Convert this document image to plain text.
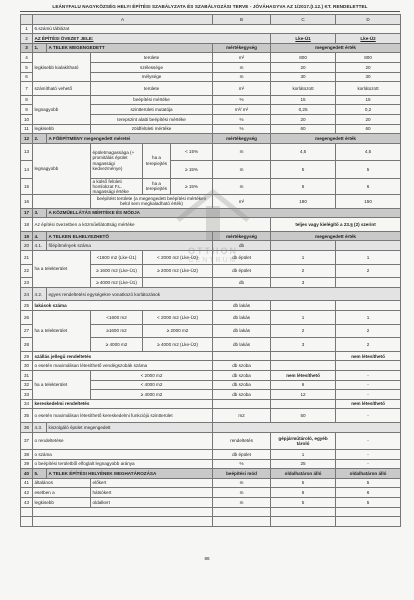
LEÁNYFALU NAGYKÖZSÉG HELYI ÉPÍTÉSI SZABÁLYZATA ÉS SZABÁLYOZÁSI TERVE - JÓVÁHAGYVA AZ 1/2017.(I.12.) KT. RENDELETTEL
	A					B	C	D
1	6.számú táblázat							
2	AZ ÉPÍTÉSI ÖVEZET JELE:						Lke-Ü1	Lke-Ü2
3	1.	A TELEK MEGENGEDETT				mértékegység	megengedett érték	
4	legkisebb kialakítható		területe			m²	800	800
5			szélessége			m	20	20
6			mélysége			m	30	30
7	számítható vehető		területe			m²	korlátozott	korlátozott
8	legnagyobb		beépítési mértéke			%	15	15
9			szintterületi mutatója			m²/ m²	0,25	0,2
10			terepszint alatti beépítési mértéke			%	20	20
11	legkisebb		zöldfelületi mértéke			%	60	60
12	2.	A FŐÉPÍTMÉNY megengedett méretei				mértékegység	megengedett érték	
13	legnagyobb		épületmagassága (+ promitálás épület magassági kedvezménye)	ha a terepiejtés	< 15%	m	4,5	4,5
14					≥ 15%	m	5	5
15			a külső felületi homlokzat F.L. magassági értéke	ha a terepiejtés	≥ 15%	m	6	6
16			beépítést területe (a megengedett beépítési mértéken belül sem megkaladható érték)			m²	180	150
17	3.	A KÖZMŰELLÁTÁS MÉRTÉKE ÉS MÓDJA						
18	Az építési övezetben a közműellátottság mértéke						teljes vagy kielégítő a 23.§ (2) szerint	
19	4.	A TELKEN ELHELYEZHETŐ				mértékegység	megengedett érték	
20	4.1.	főépítmények száma				db		
21	ha a telekterület		<1600 m2 (Lke-Ü1)	< 2000 m2 (Lke-Ü2)		db épület	1	1
22			≥ 1600 m2 (Lke-Ü1)	≥ 2000 m2 (Lke-Ü2)		db épület	2	2
23			≥ 4000 m2 (Lke-Ü1)			db	3	
24	4.2.	egyes rendeltetési egységekre vonatkozó korlátozások						
25	lakások száma					db lakás		
26	ha a telekterület		<1600 m2	< 2000 m2 (Lke-Ü2)		db lakás	1	1
27			≥1600 m2	≥ 2000 m2		db lakás	2	2
28			≥ 4000 m2	≥ 4000 m2 (Lke-Ü2)		db lakás	3	2
29	szállás jellegű rendeltetés							nem létesíthető
30	o esetén maximálisan létesíthető vendégszobák száma					db szoba		
31	ha a telekterület		< 2000 m2			db szoba	nem létesíthető	-
32			< 4000 m2			db szoba	6	-
33			≥ 4000 m2			db szoba	12	-
34	kereskedelmi rendeltetés							nem létesíthető
35	o esetén maximálisan létesíthető kereskedelmi funkciójú szintterület					m2	50	-
36	4.3.	kiszolgáló épület megengedett						
37	o rendeltetése					rendeltetés	gépjárműtároló, egyéb tároló	-
38	o száma					db épület	1	-
39	o beépítési területből elfoglalt legnagyobb aránya					%	25	-
40	5.	A TELEK ÉPÍTÉSI HELYÉNEK MEGHATÁROZÁSA				beépítési mód	oldalhatáron álló	oldalhatáron álló
41	általános		előkert			m	5	5
42	esetben a		hátsókert			m	6	6
43	legkisebb		oldalkert			m	5	5

OTTHON
CENTRUM
86
